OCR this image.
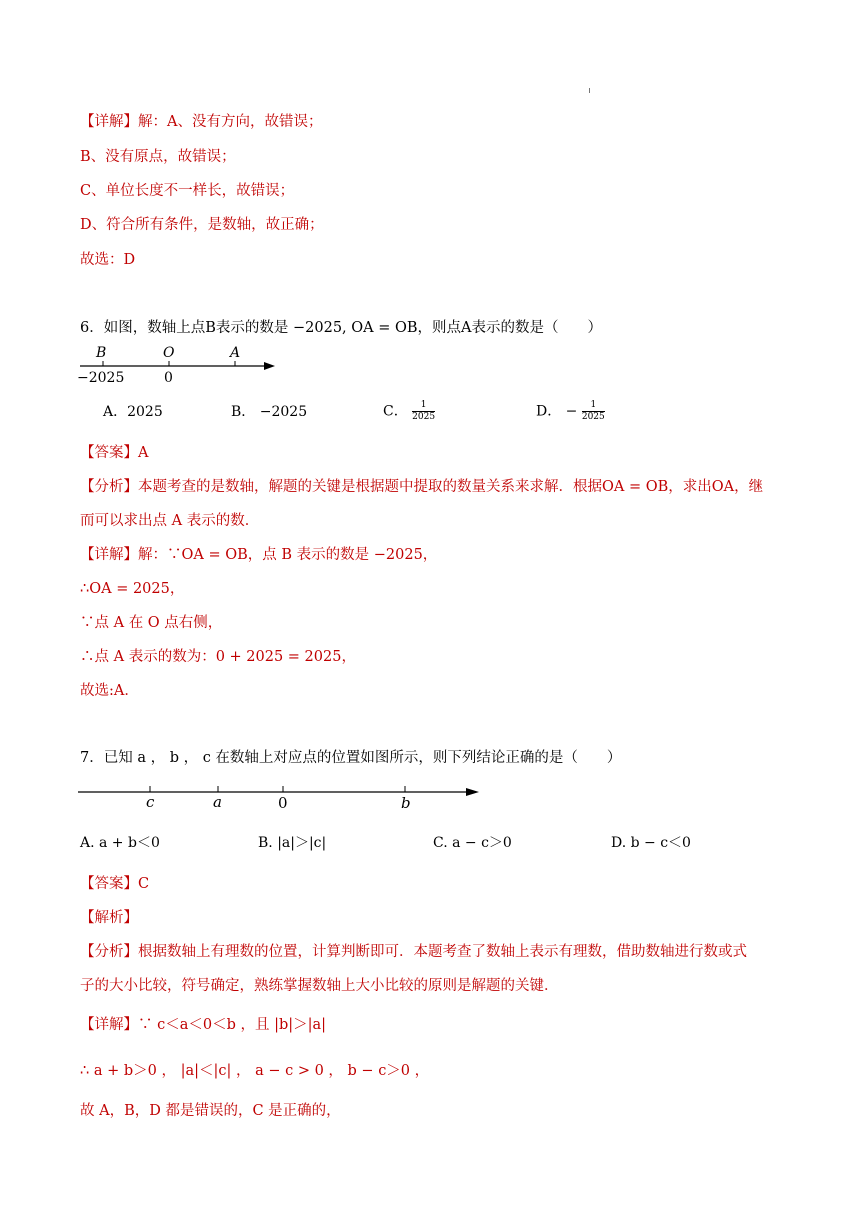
【详解】解：A、没有方向，故错误；
B、没有原点，故错误；
C、单位长度不一样长，故错误；
D、符合所有条件，是数轴，故正确；
故选：D
6．如图，数轴上点B表示的数是 −2025, OA = OB，则点A表示的数是（　　）
B	O	A
−2025	0
A．2025	B． −2025	C． $\frac{1}{2025}$	D． − $\frac{1}{2025}$
【答案】A
【分析】本题考查的是数轴，解题的关键是根据题中提取的数量关系来求解．根据OA = OB，求出OA，继
而可以求出点 A 表示的数．
【详解】解：∵OA = OB，点 B 表示的数是 −2025，
∴OA = 2025，
∵点 A 在 O 点右侧，
∴点 A 表示的数为：0 + 2025 = 2025，
故选:A．
7．已知 a ， b ， c 在数轴上对应点的位置如图所示，则下列结论正确的是（　　）
c	a	0	b
A. a + b＜0	B. |a|＞|c|	C. a − c＞0	D. b − c＜0
【答案】C
【解析】
【分析】根据数轴上有理数的位置，计算判断即可．本题考查了数轴上表示有理数，借助数轴进行数或式
子的大小比较，符号确定，熟练掌握数轴上大小比较的原则是解题的关键．
【详解】∵ c＜a＜0＜b ，且 |b|＞|a|
∴ a + b＞0 ， |a|＜|c| ， a − c > 0 ， b − c＞0 ，
故 A，B，D 都是错误的，C 是正确的，
